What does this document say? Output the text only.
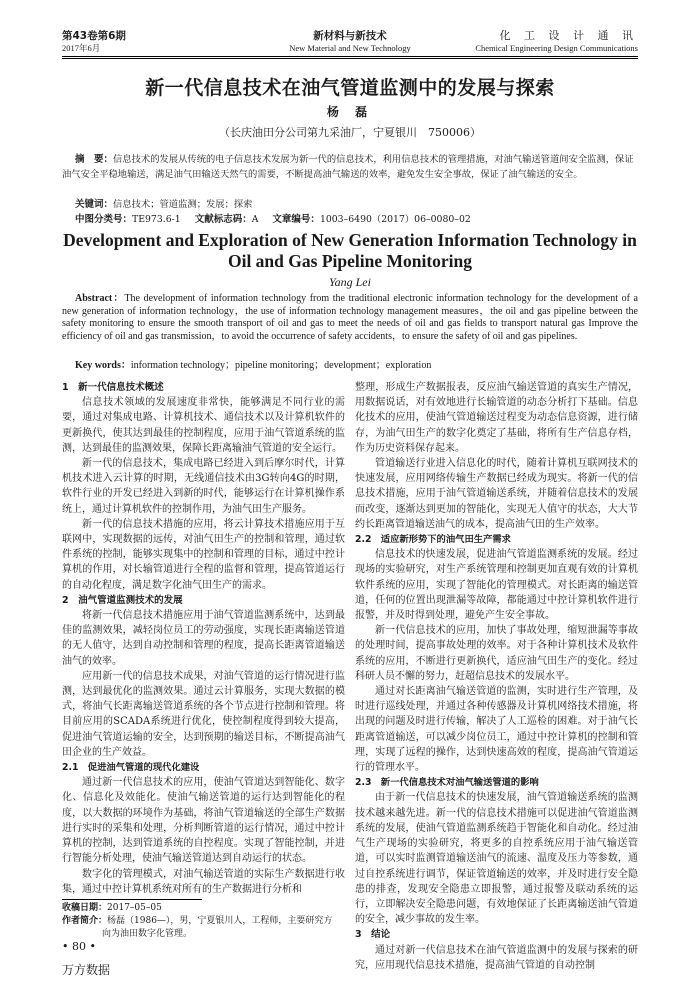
第43卷第6期
2017年6月
新材料与新技术
New Material and New Technology
化 工 设 计 通 讯
Chemical Engineering Design Communications
新一代信息技术在油气管道监测中的发展与探索
杨 磊
（长庆油田分公司第九采油厂，宁夏银川　750006）
摘　要：信息技术的发展从传统的电子信息技术发展为新一代的信息技术，利用信息技术的管理措施，对油气输送管道间安全监测，保证油气安全平稳地输送，满足油气田输送天然气的需要，不断提高油气输送的效率，避免发生安全事故，保证了油气输送的安全。
关键词：信息技术；管道监测；发展；探索
中图分类号：TE973.6-1 文献标志码：A 文章编号：1003–6490（2017）06–0080–02
Development and Exploration of New Generation Information Technology in Oil and Gas Pipeline Monitoring
Yang Lei
Abstract：The development of information technology from the traditional electronic information technology for the development of a new generation of information technology，the use of information technology management measures，the oil and gas pipeline between the safety monitoring to ensure the smooth transport of oil and gas to meet the needs of oil and gas fields to transport natural gas Improve the efficiency of oil and gas transmission，to avoid the occurrence of safety accidents，to ensure the safety of oil and gas pipelines.
Key words：information technology；pipeline monitoring；development；exploration
1　新一代信息技术概述

信息技术领域的发展速度非常快，能够满足不同行业的需要，通过对集成电路、计算机技术、通信技术以及计算机软件的更新换代，使其达到最佳的控制程度，应用于油气管道系统的监测，达到最佳的监测效果，保障长距离输油气管道的安全运行。

新一代的信息技术，集成电路已经进入到后摩尔时代，计算机技术进入云计算的时期，无线通信技术由3G转向4G的时期，软件行业的开发已经进入到新的时代，能够运行在计算机操作系统上，通过计算机软件的控制作用，为油气田生产服务。

新一代的信息技术措施的应用，将云计算技术措施应用于互联网中，实现数据的远传，对油气田生产的控制和管理，通过软件系统的控制，能够实现集中的控制和管理的目标，通过中控计算机的作用，对长输管道进行全程的监督和管理，提高管道运行的自动化程度，满足数字化油气田生产的需求。

2　油气管道监测技术的发展

将新一代信息技术措施应用于油气管道监测系统中，达到最佳的监测效果，减轻岗位员工的劳动强度，实现长距离输送管道的无人值守，达到自动控制和管理的程度，提高长距离管道输送油气的效率。

应用新一代的信息技术成果，对油气管道的运行情况进行监测，达到最优化的监测效果。通过云计算服务，实现大数据的模式，将油气长距离输送管道系统的各个节点进行控制和管理。将目前应用的SCADA系统进行优化，使控制程度得到较大提高，促进油气管道运输的安全，达到预期的输送目标，不断提高油气田企业的生产效益。

2.1　促进油气管道的现代化建设

通过新一代信息技术的应用，使油气管道达到智能化、数字化、信息化及效能化。使油气输送管道的运行达到智能化的程度，以大数据的环境作为基础，将油气管道输送的全部生产数据进行实时的采集和处理，分析判断管道的运行情况，通过中控计算机的控制，达到管道系统的自控程度。实现了智能控制，并进行智能分析处理，使油气输送管道达到自动运行的状态。

数字化的管理模式，对油气输送管道的实际生产数据进行收集，通过中控计算机系统对所有的生产数据进行分析和

整理，形成生产数据报表，反应油气输送管道的真实生产情况，用数据说话，对有效地进行长输管道的动态分析打下基础。信息化技术的应用，使油气管道输送过程变为动态信息资源，进行储存，为油气田生产的数字化奠定了基础，将所有生产信息存档，作为历史资料保存起来。

管道输送行业进入信息化的时代，随着计算机互联网技术的快速发展，应用网络传输生产数据已经成为现实。将新一代的信息技术措施，应用于油气管道输送系统，并随着信息技术的发展而改变，逐渐达到更加的智能化，实现无人值守的状态，大大节约长距离管道输送油气的成本，提高油气田的生产效率。

2.2　适应新形势下的油气田生产需求

信息技术的快速发展，促进油气管道监测系统的发展。经过现场的实验研究，对生产系统管理和控制更加直观有效的计算机软件系统的应用，实现了智能化的管理模式。对长距离的输送管道，任何的位置出现泄漏等故障，都能通过中控计算机软件进行报警，并及时得到处理，避免产生安全事故。

新一代信息技术的应用，加快了事故处理，缩短泄漏等事故的处理时间，提高事故处理的效率。对于各种计算机技术及软件系统的应用，不断进行更新换代，适应油气田生产的变化。经过科研人员不懈的努力，赶超信息技术的发展水平。

通过对长距离油气输送管道的监测，实时进行生产管理，及时进行巡线处理，并通过各种传感器及计算机网络技术措施，将出现的问题及时进行传输，解决了人工巡检的困难。对于油气长距离管道输送，可以减少岗位员工，通过中控计算机的控制和管理，实现了远程的操作，达到快速高效的程度，提高油气管道运行的管理水平。

2.3　新一代信息技术对油气输送管道的影响

由于新一代信息技术的快速发展，油气管道输送系统的监测技术越来越先进。新一代的信息技术措施可以促进油气管道监测系统的发展，使油气管道监测系统趋于智能化和自动化。经过油气生产现场的实验研究，将更多的自控系统应用于油气输送管道，可以实时监测管道输送油气的流速、温度及压力等参数，通过自控系统进行调节，保证管道输送的效率，并及时进行安全隐患的排查，发现安全隐患立即报警，通过报警及联动系统的运行，立即解决安全隐患问题，有效地保证了长距离输送油气管道的安全，减少事故的发生率。

3　结论

通过对新一代信息技术在油气管道监测中的发展与探索的研究，应用现代信息技术措施，提高油气管道的自动控制

收稿日期：2017–05–05
作者简介：杨磊（1986—），男，宁夏银川人，工程师，主要研究方
向为油田数字化管理。
• 80 •
万方数据
